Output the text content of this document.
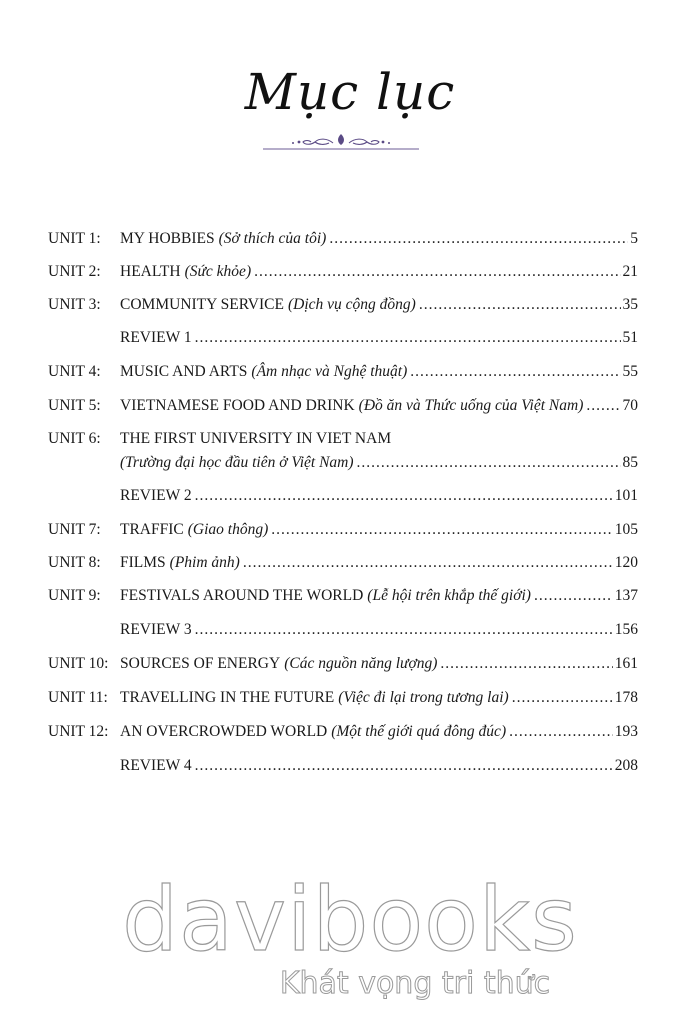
Mục lục
UNIT 1:	MY HOBBIES (Sở thích của tôi) .....	5
UNIT 2:	HEALTH (Sức khỏe) .....	21
UNIT 3:	COMMUNITY SERVICE (Dịch vụ cộng đồng) .....	35
REVIEW 1 .....	51
UNIT 4:	MUSIC AND ARTS (Âm nhạc và Nghệ thuật) .....	55
UNIT 5:	VIETNAMESE FOOD AND DRINK (Đồ ăn và Thức uống của Việt Nam) .....	70
UNIT 6:	THE FIRST UNIVERSITY IN VIET NAM
(Trường đại học đầu tiên ở Việt Nam) .....	85
REVIEW 2 .....	101
UNIT 7:	TRAFFIC (Giao thông) .....	105
UNIT 8:	FILMS (Phim ảnh) .....	120
UNIT 9:	FESTIVALS AROUND THE WORLD (Lễ hội trên khắp thế giới) .....	137
REVIEW 3 .....	156
UNIT 10: SOURCES OF ENERGY (Các nguồn năng lượng) .....	161
UNIT 11: TRAVELLING IN THE FUTURE (Việc đi lại trong tương lai) .....	178
UNIT 12: AN OVERCROWDED WORLD (Một thế giới quá đông đúc) .....	193
REVIEW 4 .....	208
davibooks
Khát vọng tri thức
